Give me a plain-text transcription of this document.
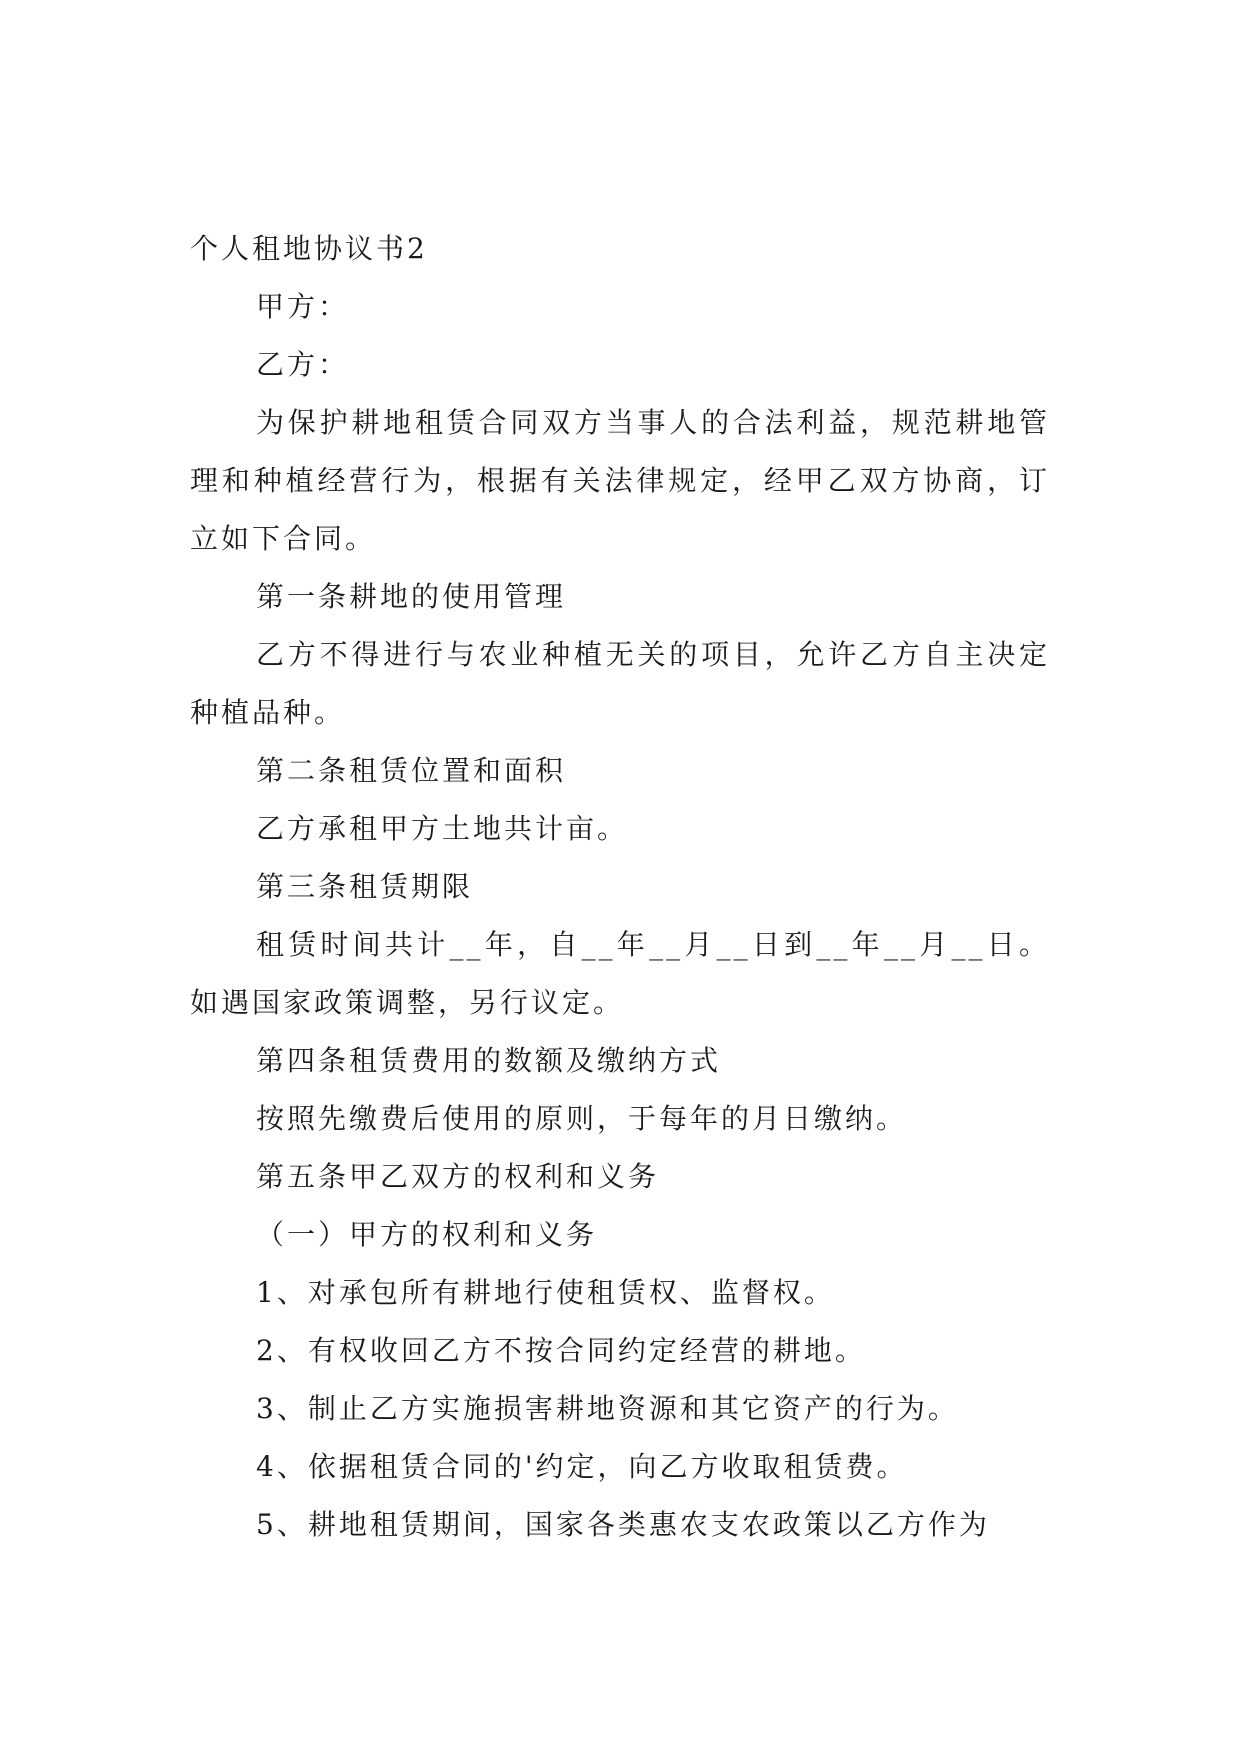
个人租地协议书2
甲方：
乙方：
为保护耕地租赁合同双方当事人的合法利益，规范耕地管理和种植经营行为，根据有关法律规定，经甲乙双方协商，订立如下合同。
第一条耕地的使用管理
乙方不得进行与农业种植无关的项目，允许乙方自主决定种植品种。
第二条租赁位置和面积
乙方承租甲方土地共计亩。
第三条租赁期限
租赁时间共计__年，自__年__月__日到__年__月__日。如遇国家政策调整，另行议定。
第四条租赁费用的数额及缴纳方式
按照先缴费后使用的原则，于每年的月日缴纳。
第五条甲乙双方的权利和义务
（一）甲方的权利和义务
1、对承包所有耕地行使租赁权、监督权。
2、有权收回乙方不按合同约定经营的耕地。
3、制止乙方实施损害耕地资源和其它资产的行为。
4、依据租赁合同的'约定，向乙方收取租赁费。
5、耕地租赁期间，国家各类惠农支农政策以乙方作为
